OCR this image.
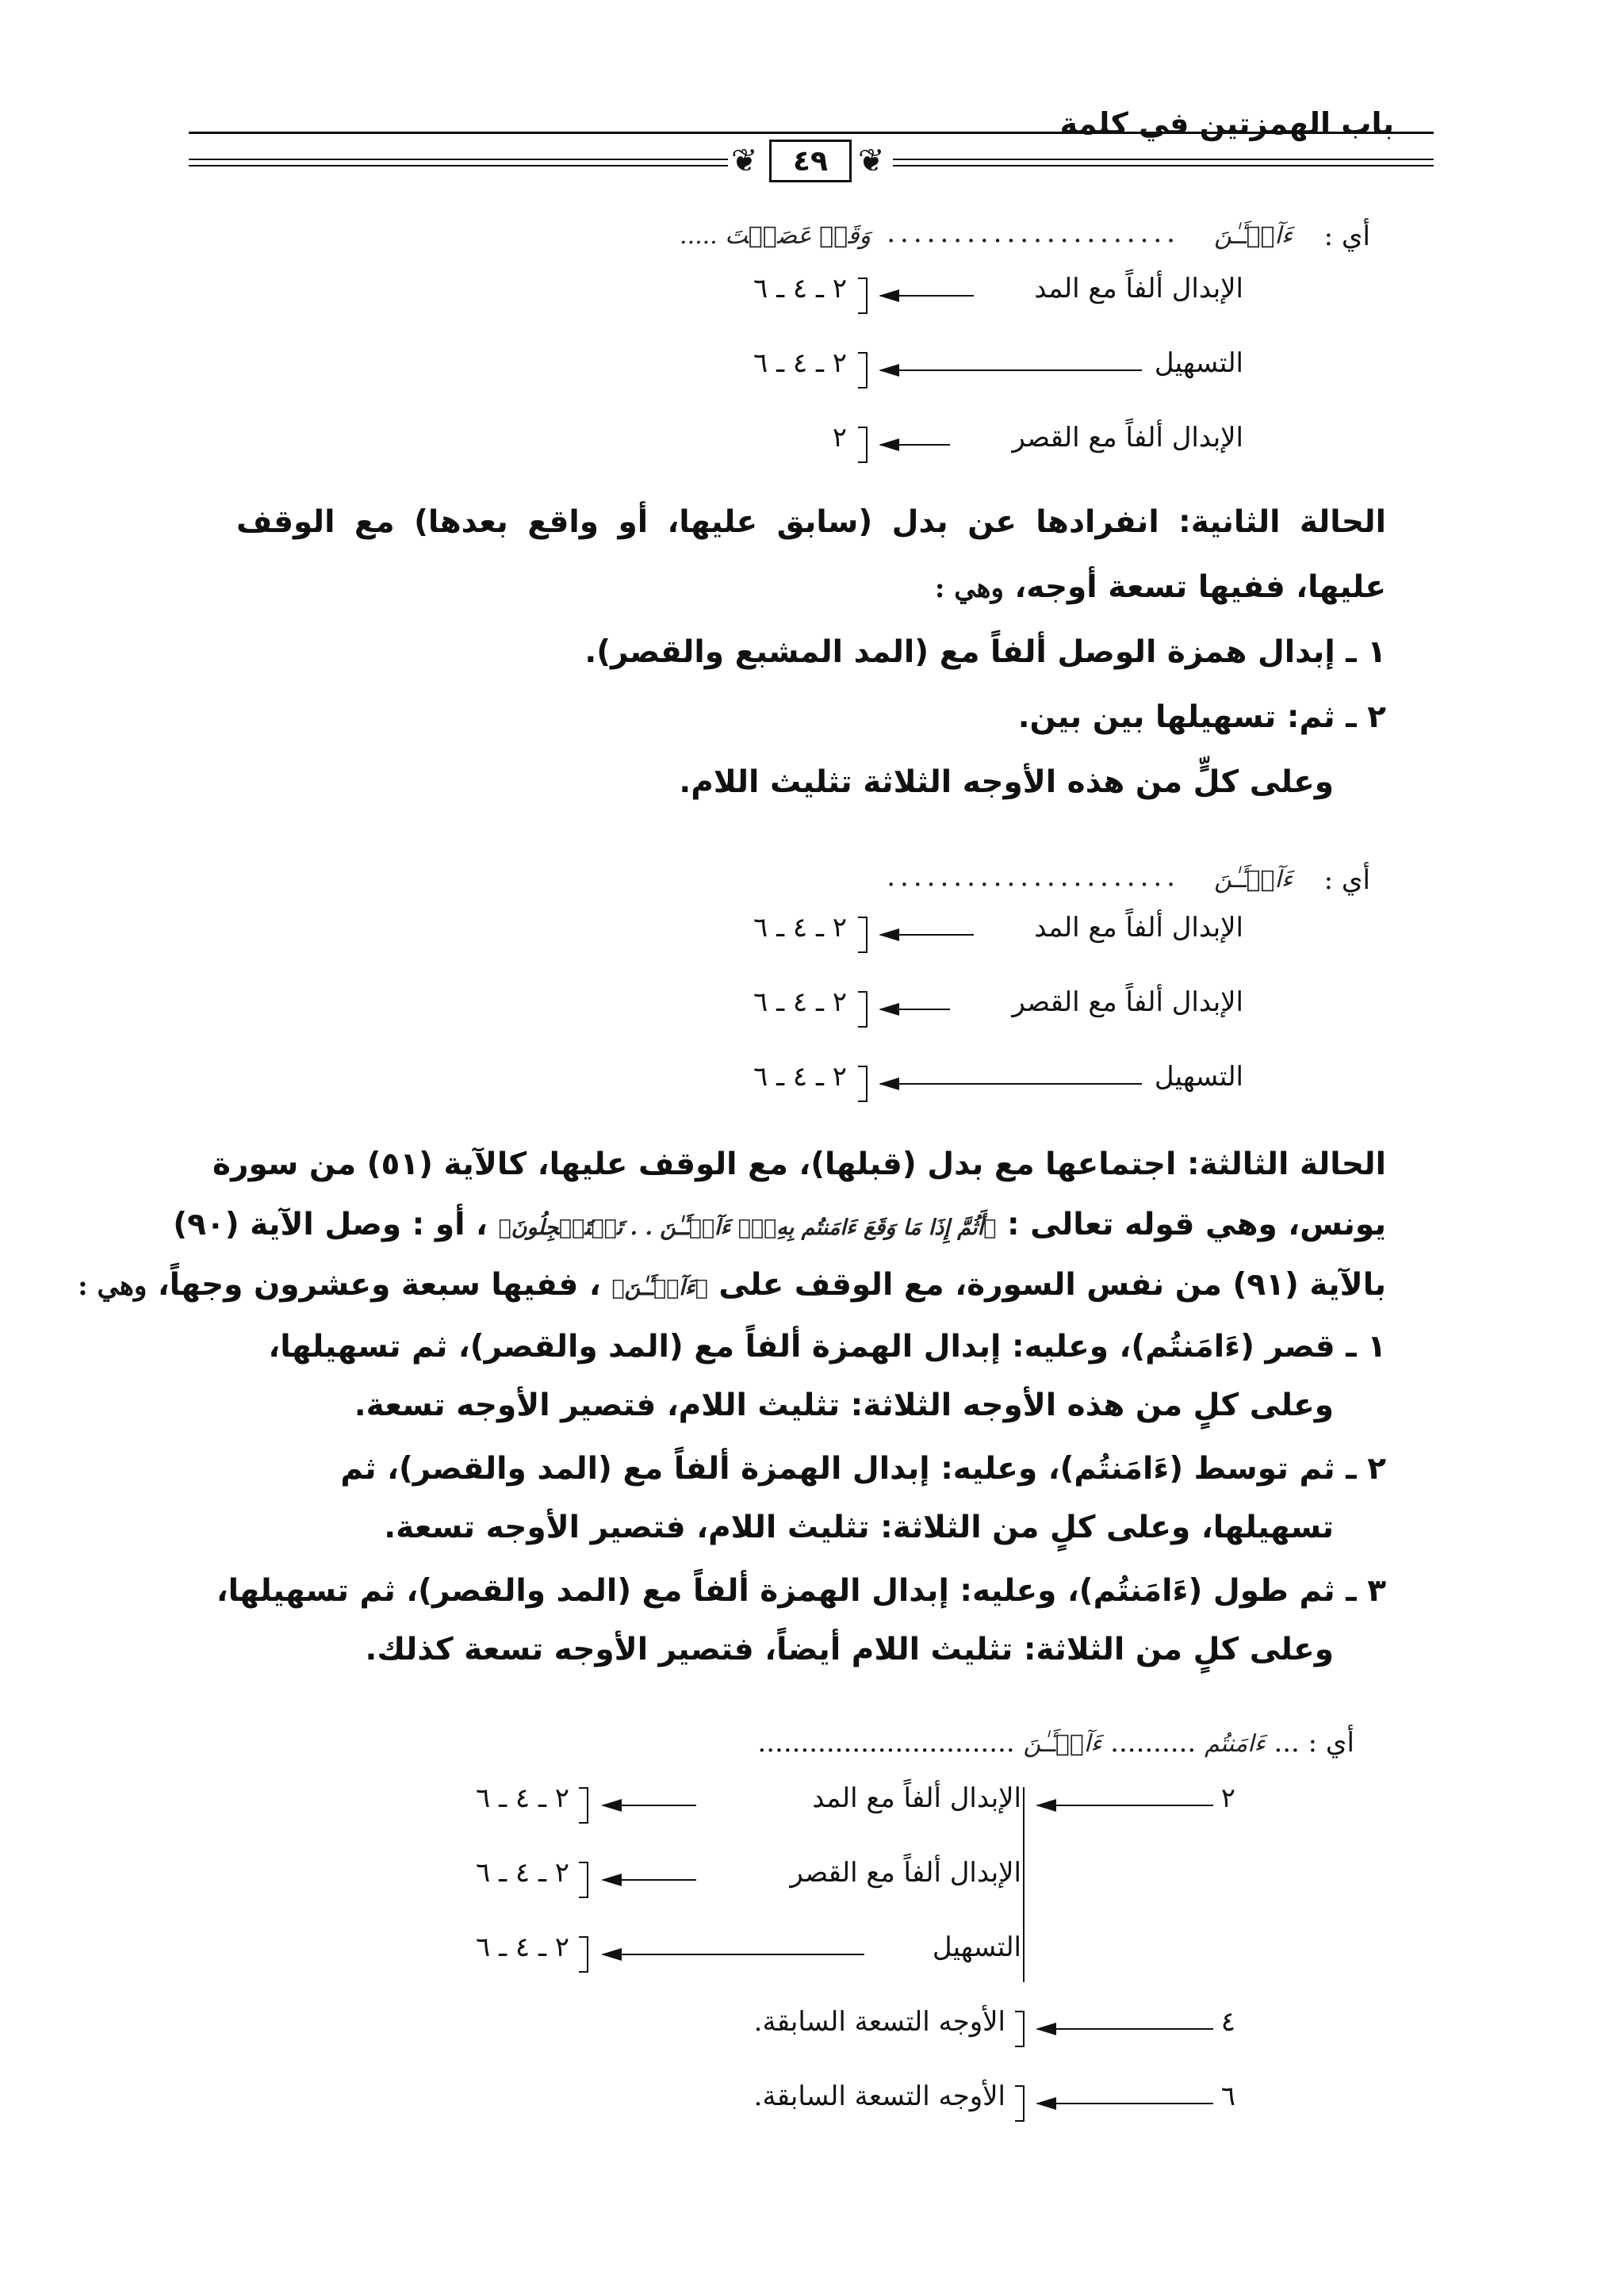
باب الهمزتين في كلمة
❦	❦
٤٩
أي :
ءَآلۡـَٔـٰنَ
......................
وَقَدۡ عَصَيۡتَ .....
الإبدال ألفاً مع المد
٢ ـ ٤ ـ ٦
التسهيل
٢ ـ ٤ ـ ٦
الإبدال ألفاً مع القصر
٢
الحالة الثانية: انفرادها عن بدل (سابق عليها، أو واقع بعدها) مع الوقف
عليها، ففيها تسعة أوجه، وهي :
١ ـ إبدال همزة الوصل ألفاً مع (المد المشبع والقصر).
٢ ـ ثم: تسهيلها بين بين.
وعلى كلٍّ من هذه الأوجه الثلاثة تثليث اللام.
أي :
ءَآلۡـَٔـٰنَ
......................
الإبدال ألفاً مع المد
٢ ـ ٤ ـ ٦
الإبدال ألفاً مع القصر
٢ ـ ٤ ـ ٦
التسهيل
٢ ـ ٤ ـ ٦
الحالة الثالثة: اجتماعها مع بدل (قبلها)، مع الوقف عليها، كالآية (٥١) من سورة
يونس، وهي قوله تعالى : ﴿أَثُمَّ إِذَا مَا وَقَعَ ءَامَنتُم بِهِۦٓۚ ءَآلۡـَٔـٰنَ . . تَسۡتَعۡجِلُونَ﴾ ، أو : وصل الآية (٩٠)
بالآية (٩١) من نفس السورة، مع الوقف على ﴿ءَآلۡـَٔـٰنَ﴾ ، ففيها سبعة وعشرون وجهاً، وهي :
١ ـ قصر (ءَامَنتُم)، وعليه: إبدال الهمزة ألفاً مع (المد والقصر)، ثم تسهيلها،
وعلى كلٍ من هذه الأوجه الثلاثة: تثليث اللام، فتصير الأوجه تسعة.
٢ ـ ثم توسط (ءَامَنتُم)، وعليه: إبدال الهمزة ألفاً مع (المد والقصر)، ثم
تسهيلها، وعلى كلٍ من الثلاثة: تثليث اللام، فتصير الأوجه تسعة.
٣ ـ ثم طول (ءَامَنتُم)، وعليه: إبدال الهمزة ألفاً مع (المد والقصر)، ثم تسهيلها،
وعلى كلٍ من الثلاثة: تثليث اللام أيضاً، فتصير الأوجه تسعة كذلك.
أي : ... ءَامَنتُم .......... ءَآلۡـَٔـٰنَ ..............................
٢
الإبدال ألفاً مع المد
٢ ـ ٤ ـ ٦
الإبدال ألفاً مع القصر
٢ ـ ٤ ـ ٦
التسهيل
٢ ـ ٤ ـ ٦
٤
الأوجه التسعة السابقة.
٦
الأوجه التسعة السابقة.
